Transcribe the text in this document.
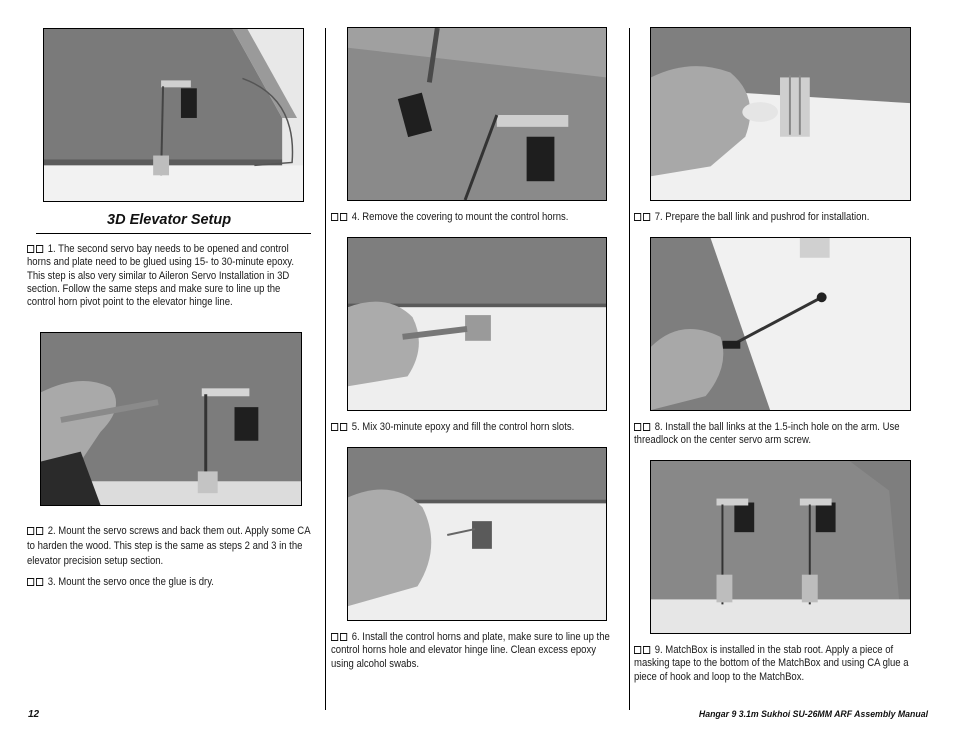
3D Elevator Setup
1. The second servo bay needs to be opened and control horns and plate need to be glued using 15- to 30-minute epoxy. This step is also very similar to Aileron Servo Installation in 3D section. Follow the same steps and make sure to line up the control horn pivot point to the elevator hinge line.
2. Mount the servo screws and back them out. Apply some CA to harden the wood. This step is the same as steps 2 and 3 in the elevator precision setup section.
3. Mount the servo once the glue is dry.
4. Remove the covering to mount the control horns.
5. Mix 30-minute epoxy and fill the control horn slots.
6. Install the control horns and plate, make sure to line up the control horns hole and elevator hinge line. Clean excess epoxy using alcohol swabs.
7. Prepare the ball link and pushrod for installation.
8. Install the ball links at the 1.5-inch hole on the arm. Use threadlock on the center servo arm screw.
9. MatchBox is installed in the stab root. Apply a piece of masking tape to the bottom of the MatchBox and using CA glue a piece of hook and loop to the MatchBox.
12	Hangar 9 3.1m Sukhoi SU-26MM ARF Assembly Manual
